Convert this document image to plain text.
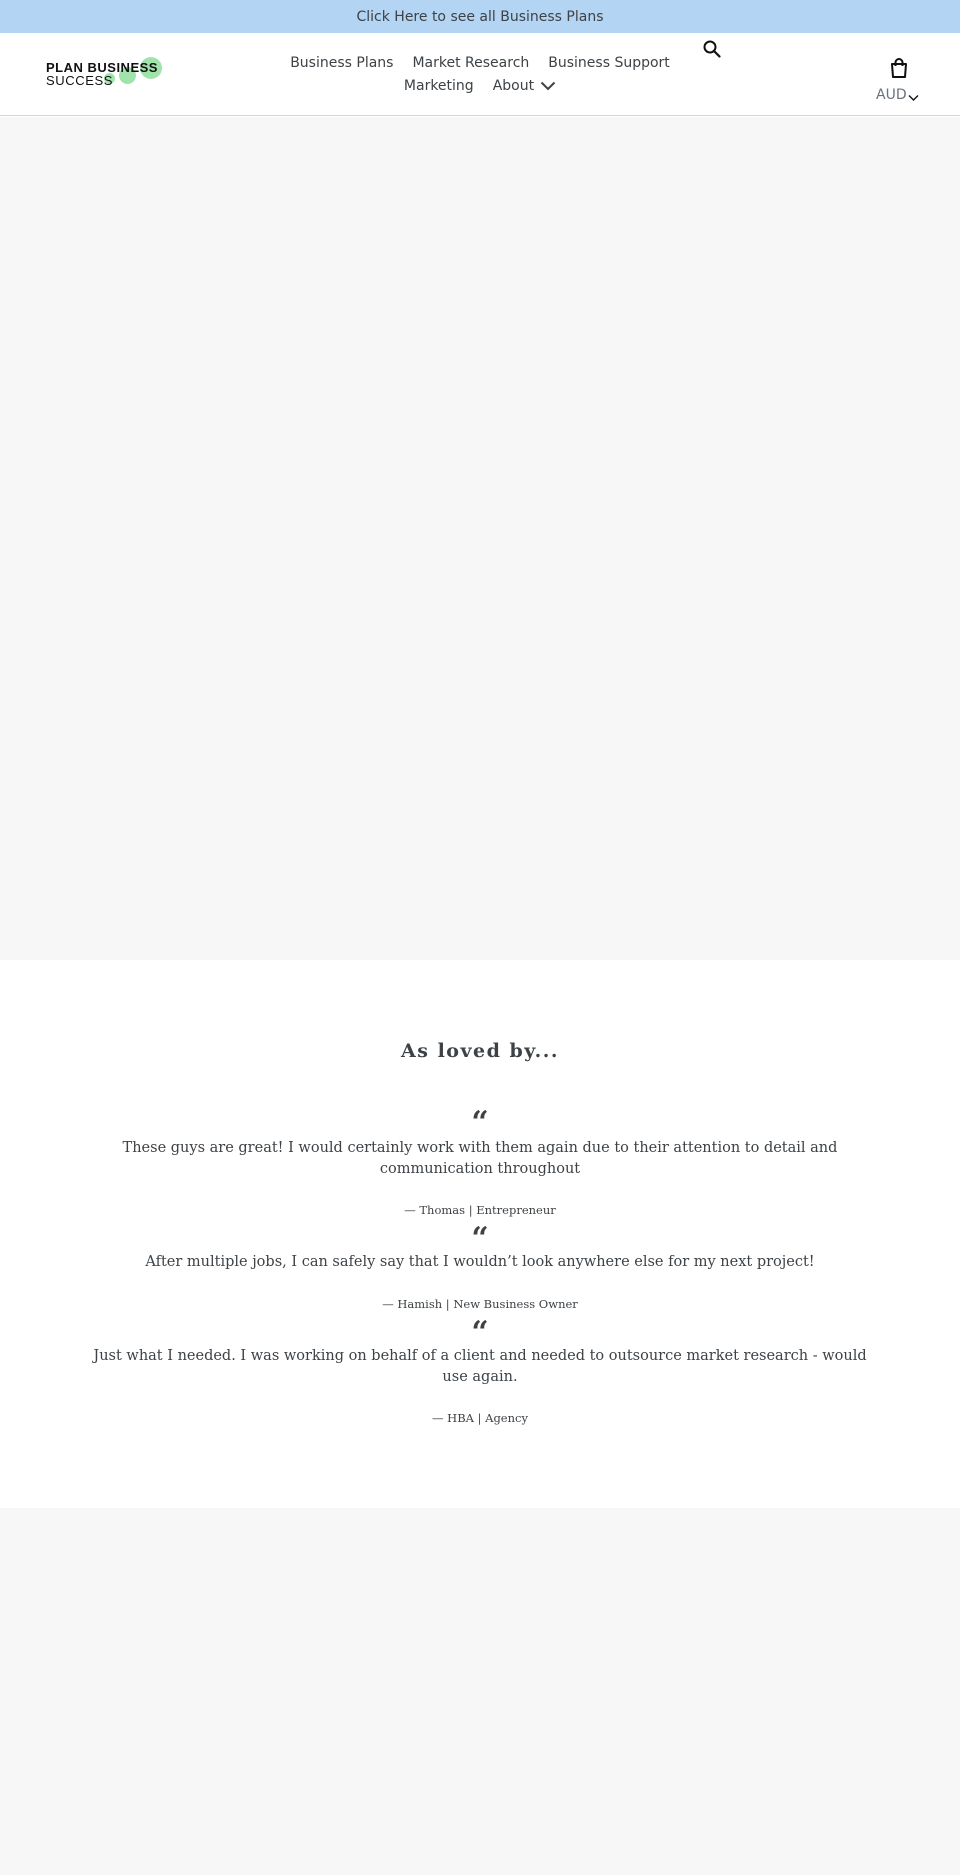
Click Here to see all Business Plans
PLAN BUSINESS
SUCCESS
Business Plans Market Research Business Support
Marketing About
AUD
As loved by...
“

These guys are great! I would certainly work with them again due to their attention to detail and communication throughout

— Thomas | Entrepreneur

“

After multiple jobs, I can safely say that I wouldn’t look anywhere else for my next project!

— Hamish | New Business Owner

“

Just what I needed. I was working on behalf of a client and needed to outsource market research - would use again.

— HBA | Agency
